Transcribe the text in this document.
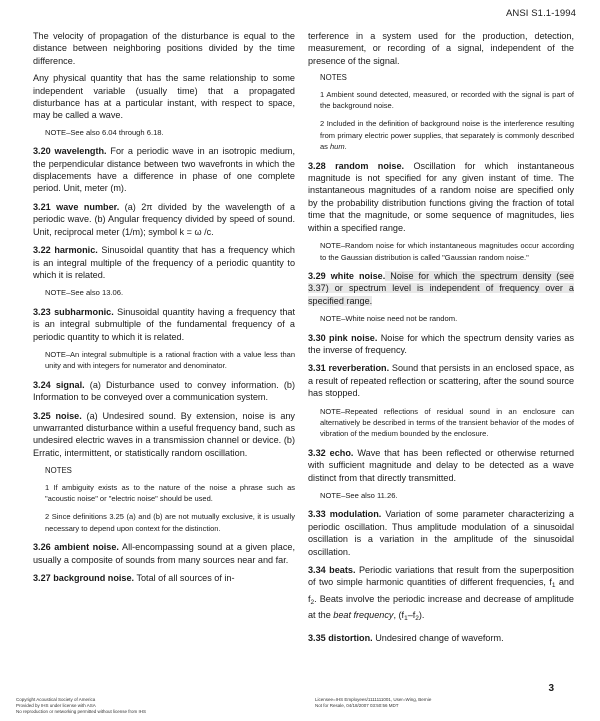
ANSI S1.1-1994

The velocity of propagation of the disturbance is equal to the distance between neighboring positions divided by the time difference.

Any physical quantity that has the same relationship to some independent variable (usually time) that a propagated disturbance has at a particular instant, with respect to space, may be called a wave.

NOTE–See also 6.04 through 6.18.

3.20 wavelength. For a periodic wave in an isotropic medium, the perpendicular distance between two wavefronts in which the displacements have a difference in phase of one complete period. Unit, meter (m).

3.21 wave number. (a) 2π divided by the wavelength of a periodic wave. (b) Angular frequency divided by speed of sound. Unit, reciprocal meter (1/m); symbol k = ω /c.

3.22 harmonic. Sinusoidal quantity that has a frequency which is an integral multiple of the frequency of a periodic quantity to which it is related.

NOTE–See also 13.06.

3.23 subharmonic. Sinusoidal quantity having a frequency that is an integral submultiple of the fundamental frequency of a periodic quantity to which it is related.

NOTE–An integral submultiple is a rational fraction with a value less than unity and with integers for numerator and denominator.

3.24 signal. (a) Disturbance used to convey information. (b) Information to be conveyed over a communication system.

3.25 noise. (a) Undesired sound. By extension, noise is any unwarranted disturbance within a useful frequency band, such as undesired electric waves in a transmission channel or device. (b) Erratic, intermittent, or statistically random oscillation.

NOTES

1 If ambiguity exists as to the nature of the noise a phrase such as "acoustic noise" or "electric noise" should be used.

2 Since definitions 3.25 (a) and (b) are not mutually exclusive, it is usually necessary to depend upon context for the distinction.

3.26 ambient noise. All-encompassing sound at a given place, usually a composite of sounds from many sources near and far.

3.27 background noise. Total of all sources of in-

terference in a system used for the production, detection, measurement, or recording of a signal, independent of the presence of the signal.

NOTES

1 Ambient sound detected, measured, or recorded with the signal is part of the background noise.

2 Included in the definition of background noise is the interference resulting from primary electric power supplies, that separately is commonly described as hum.

3.28 random noise. Oscillation for which instantaneous magnitude is not specified for any given instant of time. The instantaneous magnitudes of a random noise are specified only by the probability distribution functions giving the fraction of total time that the magnitude, or some sequence of magnitudes, lies within a specified range.

NOTE–Random noise for which instantaneous magnitudes occur according to the Gaussian distribution is called "Gaussian random noise."

3.29 white noise. Noise for which the spectrum density (see 3.37) or spectrum level is independent of frequency over a specified range.

NOTE–White noise need not be random.

3.30 pink noise. Noise for which the spectrum density varies as the inverse of frequency.

3.31 reverberation. Sound that persists in an enclosed space, as a result of repeated reflection or scattering, after the sound source has stopped.

NOTE–Repeated reflections of residual sound in an enclosure can alternatively be described in terms of the transient behavior of the modes of vibration of the medium bounded by the enclosure.

3.32 echo. Wave that has been reflected or otherwise returned with sufficient magnitude and delay to be detected as a wave distinct from that directly transmitted.

NOTE–See also 11.26.

3.33 modulation. Variation of some parameter characterizing a periodic oscillation. Thus amplitude modulation of a sinusoidal oscillation is a variation in the amplitude of the sinusoidal oscillation.

3.34 beats. Periodic variations that result from the superposition of two simple harmonic quantities of different frequencies, $f_1$ and $f_2$. Beats involve the periodic increase and decrease of amplitude at the beat frequency, $(f_1-f_2)$.

3.35 distortion. Undesired change of waveform.

3
Copyright Acoustical Society of America
Provided by IHS under license with ASA
No reproduction or networking permitted without license from IHS
Licensee=IHS Employees/1111111001, User=Wing, Bernie
Not for Resale, 04/18/2007 03:50:56 MDT
